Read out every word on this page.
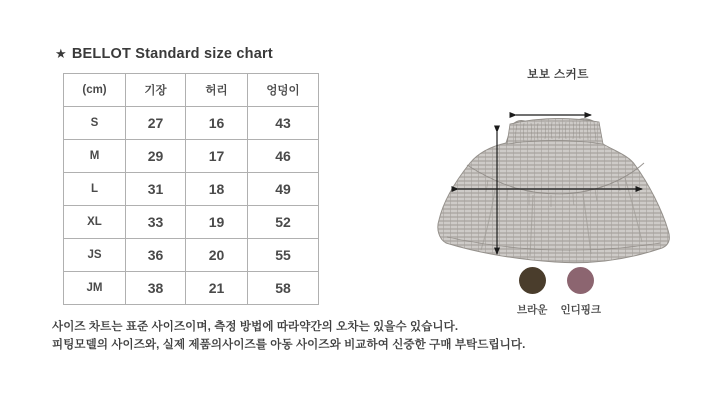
★ BELLOT Standard size chart
(cm)	기장	허리	엉덩이
S	27	16	43
M	29	17	46
L	31	18	49
XL	33	19	52
JS	36	20	55
JM	38	21	58
보보 스커트
브라운 인디핑크
사이즈 차트는 표준 사이즈이며, 측정 방법에 따라약간의 오차는 있을수 있습니다.
피팅모델의 사이즈와, 실제 제품의사이즈를 아동 사이즈와 비교하여 신중한 구매 부탁드립니다.
